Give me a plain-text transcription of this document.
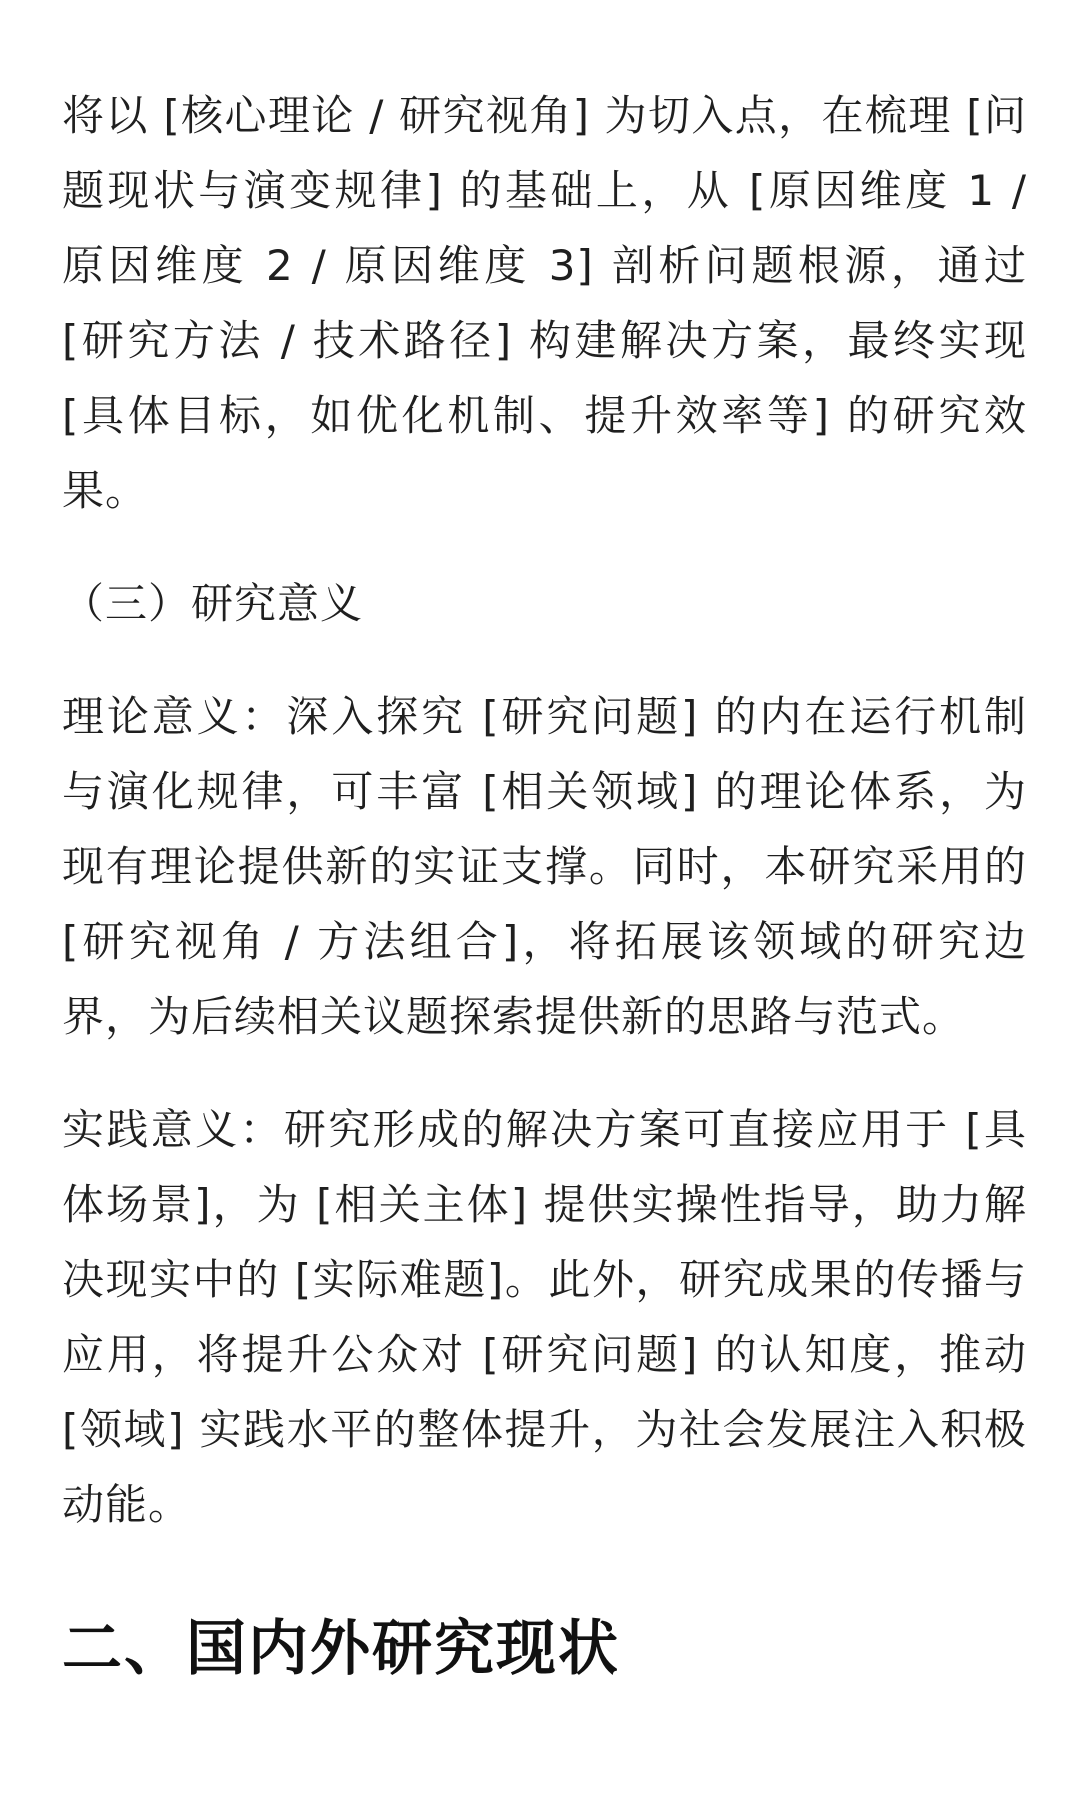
将以 [核心理论 / 研究视角] 为切入点，在梳理 [问题现状与演变规律] 的基础上，从 [原因维度 1 / 原因维度 2 / 原因维度 3] 剖析问题根源，通过 [研究方法 / 技术路径] 构建解决方案，最终实现 [具体目标，如优化机制、提升效率等] 的研究效果。

（三）研究意义

理论意义：深入探究 [研究问题] 的内在运行机制与演化规律，可丰富 [相关领域] 的理论体系，为现有理论提供新的实证支撑。同时，本研究采用的 [研究视角 / 方法组合]，将拓展该领域的研究边界，为后续相关议题探索提供新的思路与范式。

实践意义：研究形成的解决方案可直接应用于 [具体场景]，为 [相关主体] 提供实操性指导，助力解决现实中的 [实际难题]。此外，研究成果的传播与应用，将提升公众对 [研究问题] 的认知度，推动 [领域] 实践水平的整体提升，为社会发展注入积极动能。

二、国内外研究现状
